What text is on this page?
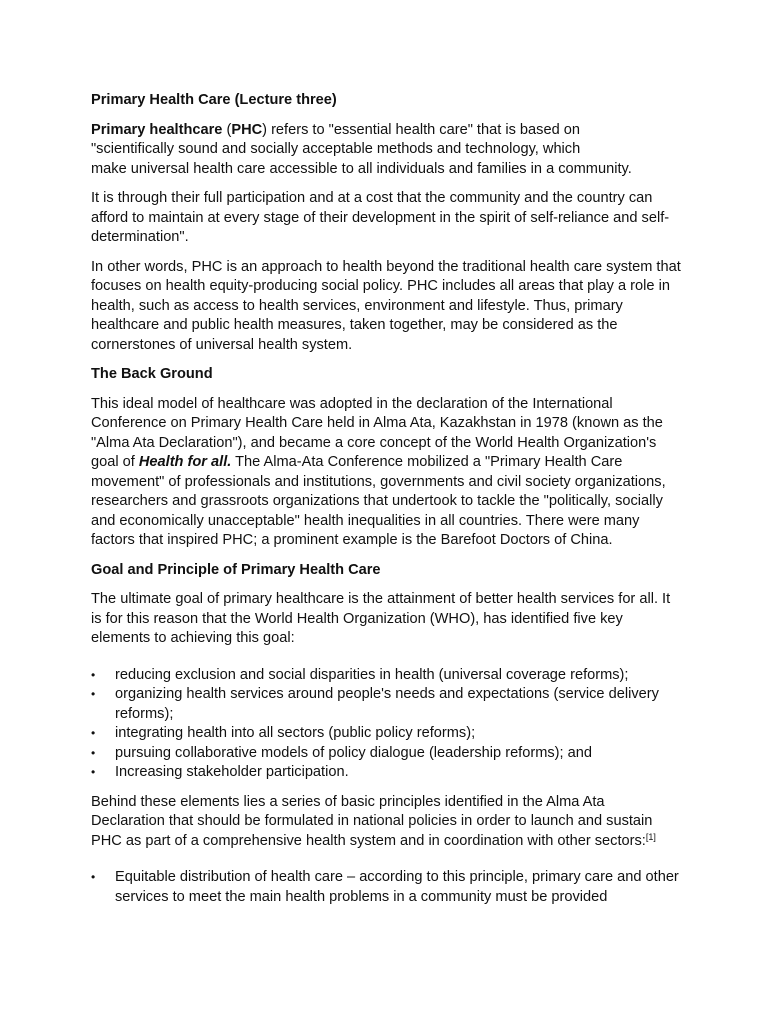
Primary Health Care (Lecture three)

Primary healthcare (PHC) refers to "essential health care" that is based on
"scientifically sound and socially acceptable methods and technology, which
make universal health care accessible to all individuals and families in a community.

It is through their full participation and at a cost that the community and the country can afford to maintain at every stage of their development in the spirit of self-reliance and self-determination".

In other words, PHC is an approach to health beyond the traditional health care system that focuses on health equity-producing social policy. PHC includes all areas that play a role in health, such as access to health services, environment and lifestyle. Thus, primary healthcare and public health measures, taken together, may be considered as the cornerstones of universal health system.

The Back Ground

This ideal model of healthcare was adopted in the declaration of the International Conference on Primary Health Care held in Alma Ata, Kazakhstan in 1978 (known as the "Alma Ata Declaration"), and became a core concept of the World Health Organization's goal of Health for all. The Alma-Ata Conference mobilized a "Primary Health Care movement" of professionals and institutions, governments and civil society organizations, researchers and grassroots organizations that undertook to tackle the "politically, socially and economically unacceptable" health inequalities in all countries. There were many factors that inspired PHC; a prominent example is the Barefoot Doctors of China.

Goal and Principle of Primary Health Care

The ultimate goal of primary healthcare is the attainment of better health services for all. It is for this reason that the World Health Organization (WHO), has identified five key elements to achieving this goal:

• reducing exclusion and social disparities in health (universal coverage reforms);
• organizing health services around people's needs and expectations (service delivery reforms);
• integrating health into all sectors (public policy reforms);
• pursuing collaborative models of policy dialogue (leadership reforms); and
• Increasing stakeholder participation.

Behind these elements lies a series of basic principles identified in the Alma Ata Declaration that should be formulated in national policies in order to launch and sustain PHC as part of a comprehensive health system and in coordination with other sectors:[1]

• Equitable distribution of health care – according to this principle, primary care and other services to meet the main health problems in a community must be provided
